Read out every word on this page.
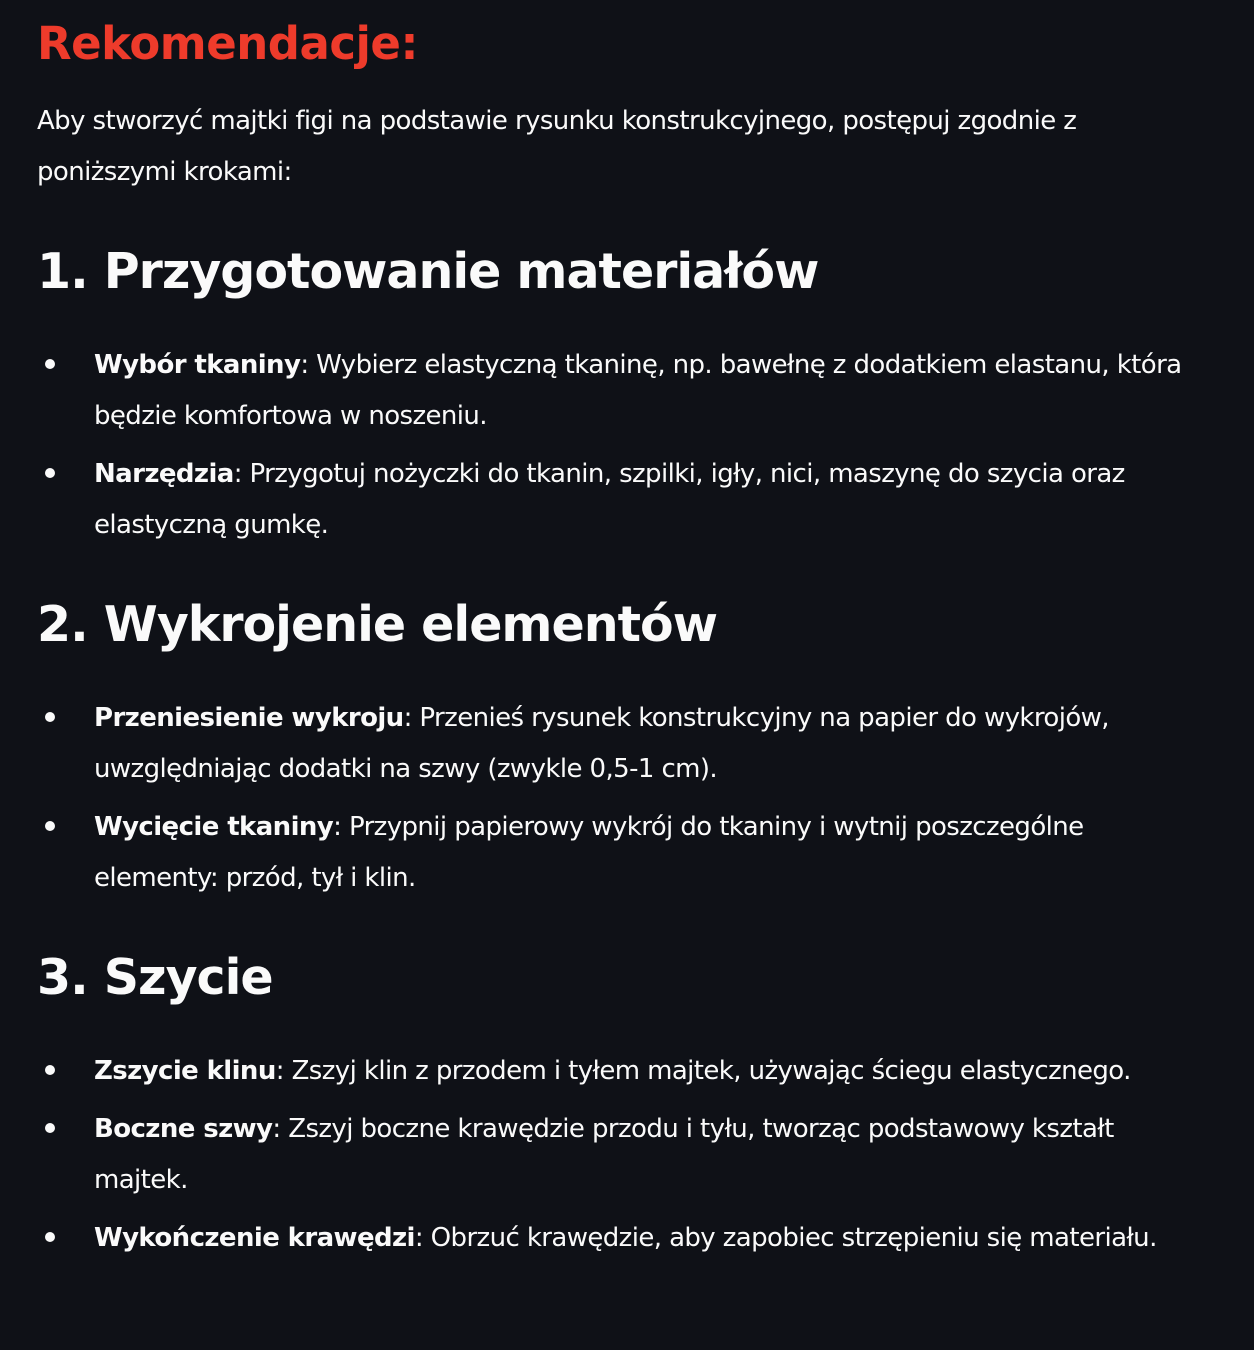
Rekomendacje:

Aby stworzyć majtki figi na podstawie rysunku konstrukcyjnego, postępuj zgodnie z
poniższymi krokami:

1. Przygotowanie materiałów
Wybór tkaniny: Wybierz elastyczną tkaninę, np. bawełnę z dodatkiem elastanu, która
będzie komfortowa w noszeniu.
Narzędzia: Przygotuj nożyczki do tkanin, szpilki, igły, nici, maszynę do szycia oraz
elastyczną gumkę.
2. Wykrojenie elementów
Przeniesienie wykroju: Przenieś rysunek konstrukcyjny na papier do wykrojów,
uwzględniając dodatki na szwy (zwykle 0,5-1 cm).
Wycięcie tkaniny: Przypnij papierowy wykrój do tkaniny i wytnij poszczególne
elementy: przód, tył i klin.
3. Szycie
Zszycie klinu: Zszyj klin z przodem i tyłem majtek, używając ściegu elastycznego.
Boczne szwy: Zszyj boczne krawędzie przodu i tyłu, tworząc podstawowy kształt
majtek.
Wykończenie krawędzi: Obrzuć krawędzie, aby zapobiec strzępieniu się materiału.
